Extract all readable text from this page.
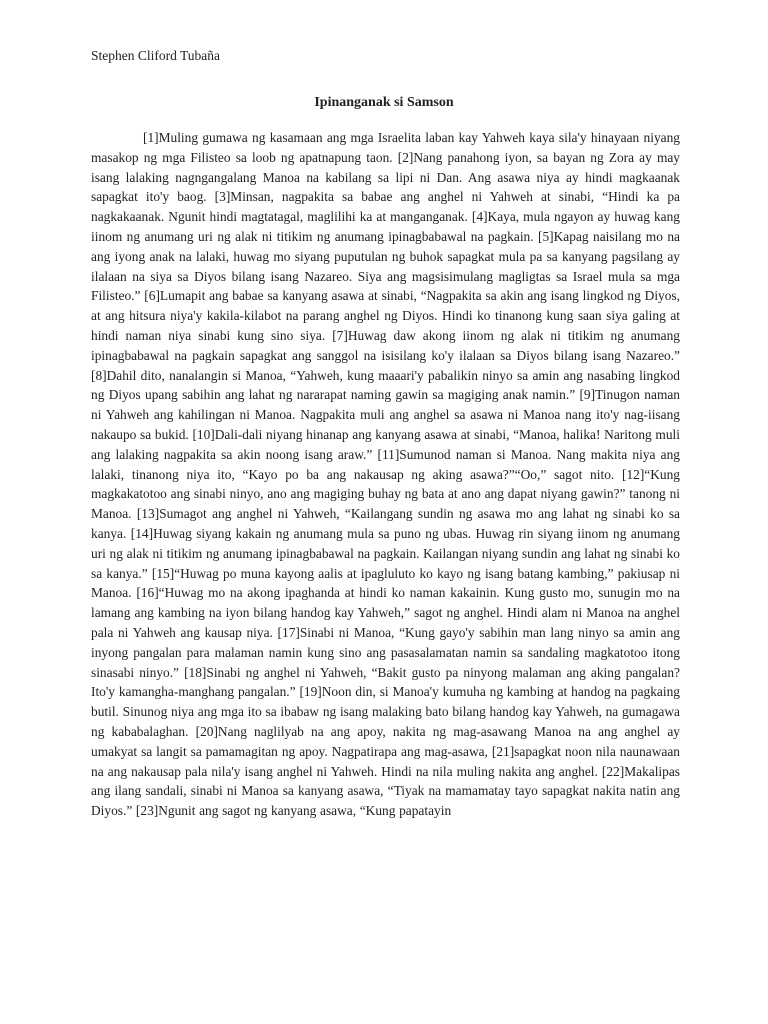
Stephen Cliford Tubaña

Ipinanganak si Samson

[1]Muling gumawa ng kasamaan ang mga Israelita laban kay Yahweh kaya sila'y hinayaan niyang masakop ng mga Filisteo sa loob ng apatnapung taon. [2]Nang panahong iyon, sa bayan ng Zora ay may isang lalaking nagngangalang Manoa na kabilang sa lipi ni Dan. Ang asawa niya ay hindi magkaanak sapagkat ito'y baog. [3]Minsan, nagpakita sa babae ang anghel ni Yahweh at sinabi, “Hindi ka pa nagkakaanak. Ngunit hindi magtatagal, maglilihi ka at manganganak. [4]Kaya, mula ngayon ay huwag kang iinom ng anumang uri ng alak ni titikim ng anumang ipinagbabawal na pagkain. [5]Kapag naisilang mo na ang iyong anak na lalaki, huwag mo siyang puputulan ng buhok sapagkat mula pa sa kanyang pagsilang ay ilalaan na siya sa Diyos bilang isang Nazareo. Siya ang magsisimulang magligtas sa Israel mula sa mga Filisteo.” [6]Lumapit ang babae sa kanyang asawa at sinabi, “Nagpakita sa akin ang isang lingkod ng Diyos, at ang hitsura niya'y kakila-kilabot na parang anghel ng Diyos. Hindi ko tinanong kung saan siya galing at hindi naman niya sinabi kung sino siya. [7]Huwag daw akong iinom ng alak ni titikim ng anumang ipinagbabawal na pagkain sapagkat ang sanggol na isisilang ko'y ilalaan sa Diyos bilang isang Nazareo.” [8]Dahil dito, nanalangin si Manoa, “Yahweh, kung maaari'y pabalikin ninyo sa amin ang nasabing lingkod ng Diyos upang sabihin ang lahat ng nararapat naming gawin sa magiging anak namin.” [9]Tinugon naman ni Yahweh ang kahilingan ni Manoa. Nagpakita muli ang anghel sa asawa ni Manoa nang ito'y nag-iisang nakaupo sa bukid. [10]Dali-dali niyang hinanap ang kanyang asawa at sinabi, “Manoa, halika! Naritong muli ang lalaking nagpakita sa akin noong isang araw.” [11]Sumunod naman si Manoa. Nang makita niya ang lalaki, tinanong niya ito, “Kayo po ba ang nakausap ng aking asawa?”“Oo,” sagot nito. [12]“Kung magkakatotoo ang sinabi ninyo, ano ang magiging buhay ng bata at ano ang dapat niyang gawin?” tanong ni Manoa. [13]Sumagot ang anghel ni Yahweh, “Kailangang sundin ng asawa mo ang lahat ng sinabi ko sa kanya. [14]Huwag siyang kakain ng anumang mula sa puno ng ubas. Huwag rin siyang iinom ng anumang uri ng alak ni titikim ng anumang ipinagbabawal na pagkain. Kailangan niyang sundin ang lahat ng sinabi ko sa kanya.” [15]“Huwag po muna kayong aalis at ipagluluto ko kayo ng isang batang kambing,” pakiusap ni Manoa. [16]“Huwag mo na akong ipaghanda at hindi ko naman kakainin. Kung gusto mo, sunugin mo na lamang ang kambing na iyon bilang handog kay Yahweh,” sagot ng anghel. Hindi alam ni Manoa na anghel pala ni Yahweh ang kausap niya. [17]Sinabi ni Manoa, “Kung gayo'y sabihin man lang ninyo sa amin ang inyong pangalan para malaman namin kung sino ang pasasalamatan namin sa sandaling magkatotoo itong sinasabi ninyo.” [18]Sinabi ng anghel ni Yahweh, “Bakit gusto pa ninyong malaman ang aking pangalan? Ito'y kamangha-manghang pangalan.” [19]Noon din, si Manoa'y kumuha ng kambing at handog na pagkaing butil. Sinunog niya ang mga ito sa ibabaw ng isang malaking bato bilang handog kay Yahweh, na gumagawa ng kababalaghan. [20]Nang naglilyab na ang apoy, nakita ng mag-asawang Manoa na ang anghel ay umakyat sa langit sa pamamagitan ng apoy. Nagpatirapa ang mag-asawa, [21]sapagkat noon nila naunawaan na ang nakausap pala nila'y isang anghel ni Yahweh. Hindi na nila muling nakita ang anghel. [22]Makalipas ang ilang sandali, sinabi ni Manoa sa kanyang asawa, “Tiyak na mamamatay tayo sapagkat nakita natin ang Diyos.” [23]Ngunit ang sagot ng kanyang asawa, “Kung papatayin
